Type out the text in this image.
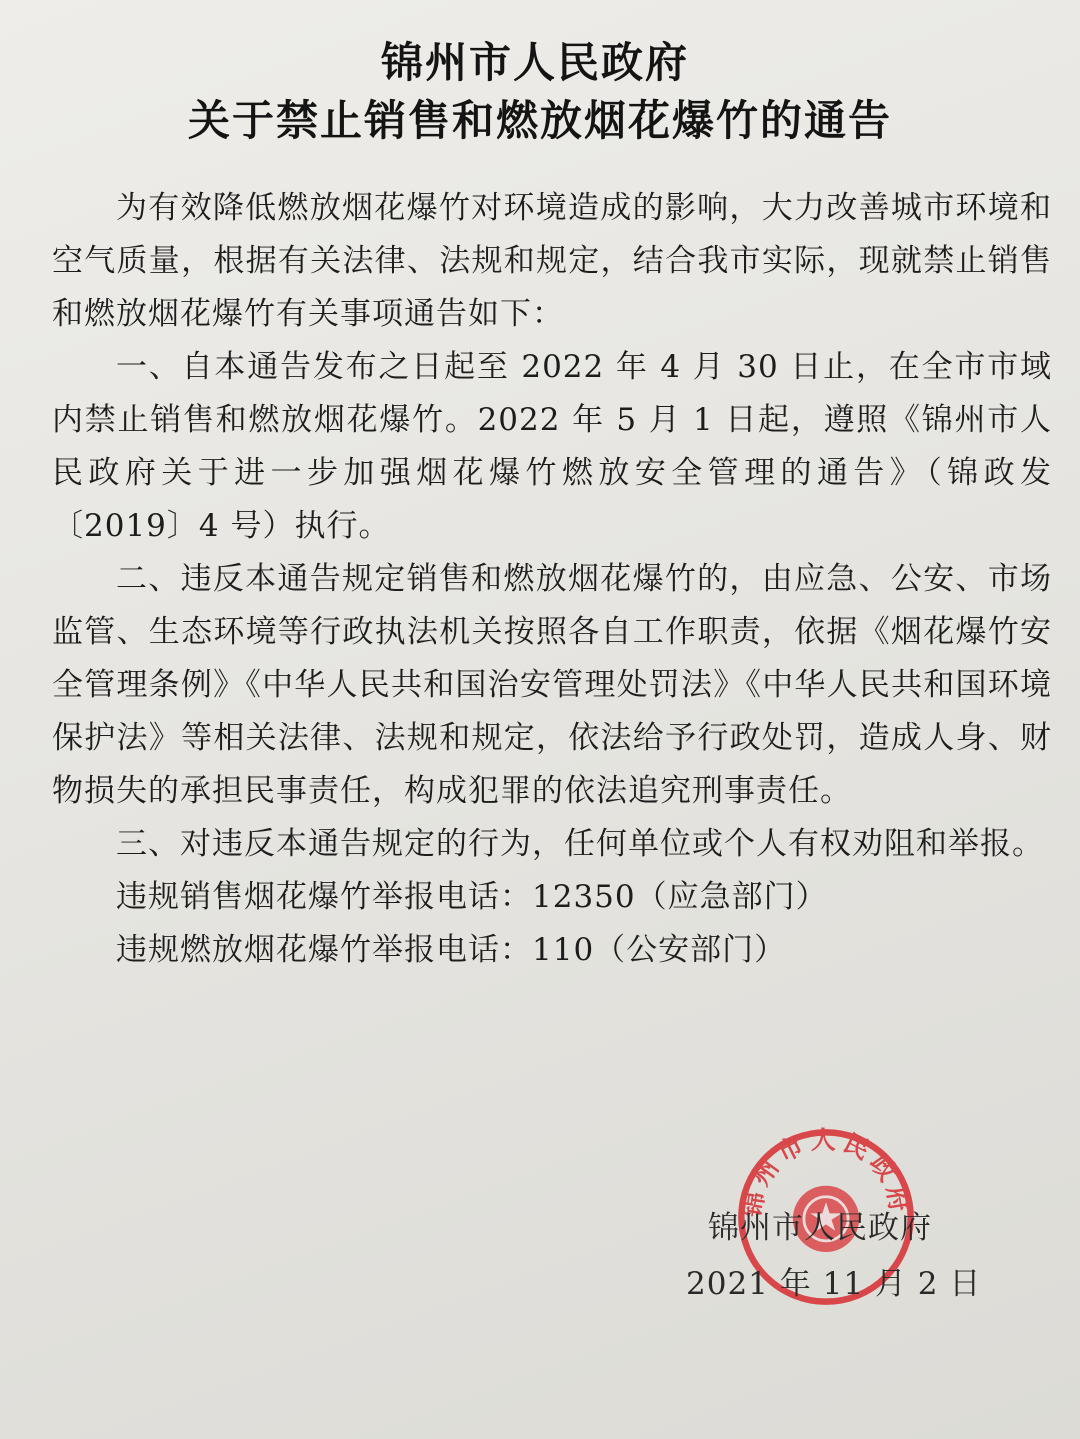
锦州市人民政府
关于禁止销售和燃放烟花爆竹的通告

为有效降低燃放烟花爆竹对环境造成的影响，大力改善城市环境和空气质量，根据有关法律、法规和规定，结合我市实际，现就禁止销售和燃放烟花爆竹有关事项通告如下：

一、自本通告发布之日起至 2022 年 4 月 30 日止，在全市市域内禁止销售和燃放烟花爆竹。2022 年 5 月 1 日起，遵照《锦州市人民政府关于进一步加强烟花爆竹燃放安全管理的通告》（锦政发〔2019〕4 号）执行。

二、违反本通告规定销售和燃放烟花爆竹的，由应急、公安、市场监管、生态环境等行政执法机关按照各自工作职责，依据《烟花爆竹安全管理条例》《中华人民共和国治安管理处罚法》《中华人民共和国环境保护法》等相关法律、法规和规定，依法给予行政处罚，造成人身、财物损失的承担民事责任，构成犯罪的依法追究刑事责任。

三、对违反本通告规定的行为，任何单位或个人有权劝阻和举报。

违规销售烟花爆竹举报电话：12350（应急部门）

违规燃放烟花爆竹举报电话：110（公安部门）

锦州市人民政府
锦州市人民政府
2021 年 11 月 2 日
